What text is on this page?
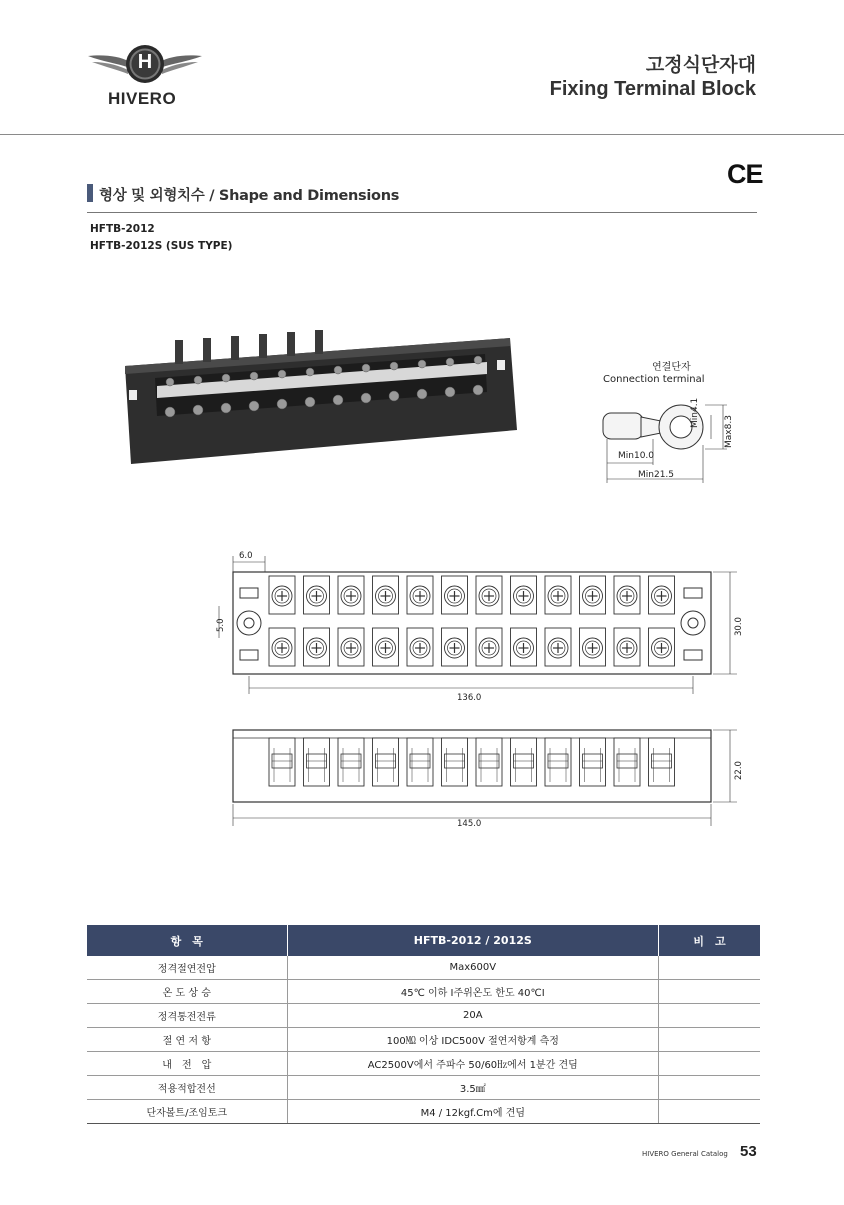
H
HIVERO
고정식단자대
Fixing Terminal Block
형상 및 외형치수 / Shape and Dimensions
CE
HFTB-2012
HFTB-2012S (SUS TYPE)
연결단자
Connection terminal
Min10.0
Min21.5
Min4.1
Max8.3
6.0
5.0
136.0
30.0
145.0
22.0
항　목	HFTB-2012 / 2012S	비　고
정격절연전압	Max600V	
온 도 상 승	45℃ 이하 I주위온도 한도 40℃I	
정격통전전류	20A	
절 연 저 항	100㏁ 이상 IDC500V 절연저항계 측정	
내　전　압	AC2500V에서 주파수 50/60㎐에서 1분간 견딤	
적용적합전선	3.5㎟	
단자볼트/조임토크	M4 / 12kgf.Cm에 견딤	
HIVERO General Catalog 53
